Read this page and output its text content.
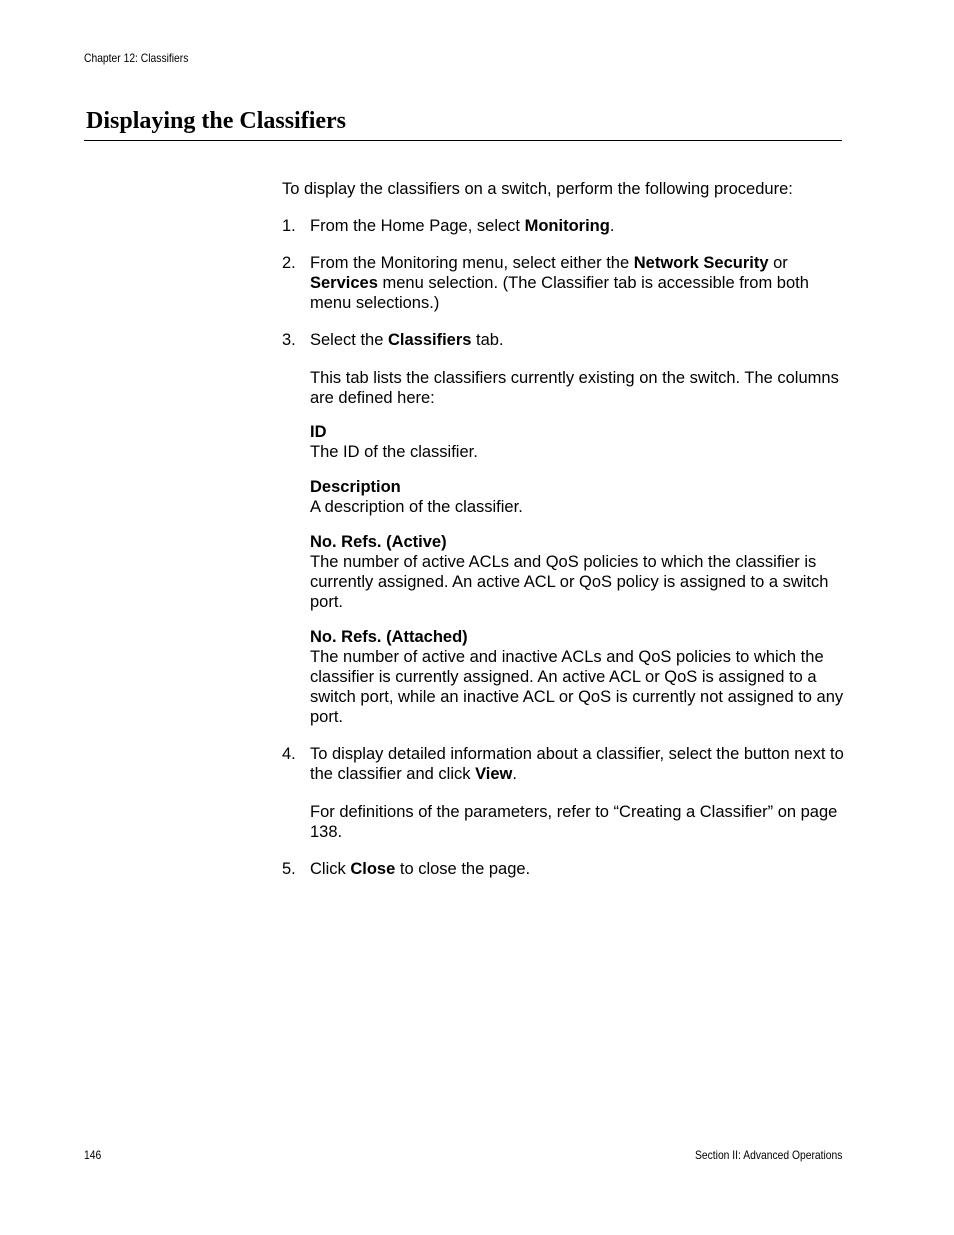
Chapter 12: Classifiers
Displaying the Classifiers

To display the classifiers on a switch, perform the following procedure:

1. From the Home Page, select Monitoring.

2. From the Monitoring menu, select either the Network Security or Services menu selection. (The Classifier tab is accessible from both menu selections.)

3. Select the Classifiers tab.

This tab lists the classifiers currently existing on the switch. The columns are defined here:

ID
The ID of the classifier.
Description
A description of the classifier.
No. Refs. (Active)
The number of active ACLs and QoS policies to which the classifier is currently assigned. An active ACL or QoS policy is assigned to a switch port.
No. Refs. (Attached)
The number of active and inactive ACLs and QoS policies to which the classifier is currently assigned. An active ACL or QoS is assigned to a switch port, while an inactive ACL or QoS is currently not assigned to any port.
4. To display detailed information about a classifier, select the button next to the classifier and click View.

For definitions of the parameters, refer to “Creating a Classifier” on page 138.

5. Click Close to close the page.

146	Section II: Advanced Operations
